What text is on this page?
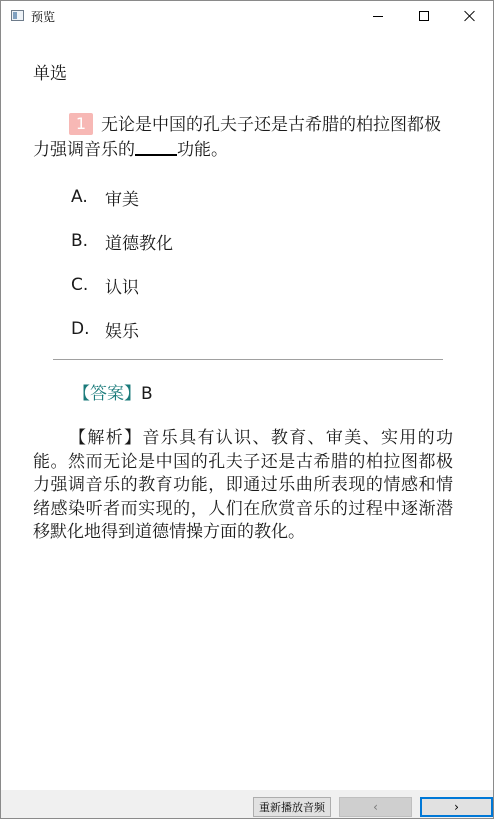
预览
单选

1 无论是中国的孔夫子还是古希腊的柏拉图都极力强调音乐的 功能。

A.	审美
B. 道德教化
C. 认识
D. 娱乐
【答案】B

【解析】音乐具有认识、教育、审美、实用的功能。然而无论是中国的孔夫子还是古希腊的柏拉图都极力强调音乐的教育功能，即通过乐曲所表现的情感和情绪感染听者而实现的，人们在欣赏音乐的过程中逐渐潜移默化地得到道德情操方面的教化。

重新播放音频	‹	›
